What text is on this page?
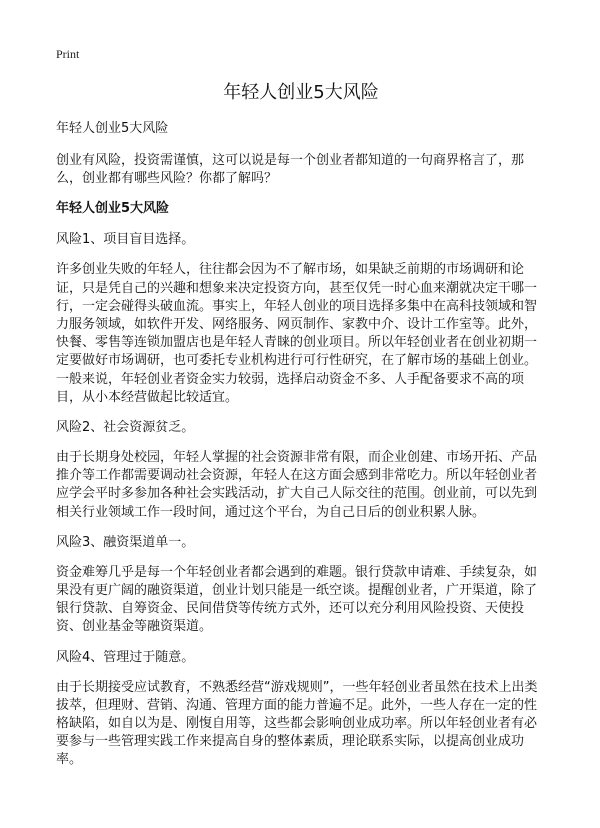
Print
年轻人创业5大风险
年轻人创业5大风险

创业有风险，投资需谨慎，这可以说是每一个创业者都知道的一句商界格言了，那么，创业都有哪些风险？你都了解吗？

年轻人创业5大风险
风险1、项目盲目选择。

许多创业失败的年轻人，往往都会因为不了解市场，如果缺乏前期的市场调研和论证，只是凭自己的兴趣和想象来决定投资方向，甚至仅凭一时心血来潮就决定干哪一行，一定会碰得头破血流。事实上，年轻人创业的项目选择多集中在高科技领域和智力服务领域，如软件开发、网络服务、网页制作、家教中介、设计工作室等。此外，快餐、零售等连锁加盟店也是年轻人青睐的创业项目。所以年轻创业者在创业初期一定要做好市场调研，也可委托专业机构进行可行性研究，在了解市场的基础上创业。一般来说，年轻创业者资金实力较弱，选择启动资金不多、人手配备要求不高的项目，从小本经营做起比较适宜。

风险2、社会资源贫乏。

由于长期身处校园，年轻人掌握的社会资源非常有限，而企业创建、市场开拓、产品推介等工作都需要调动社会资源，年轻人在这方面会感到非常吃力。所以年轻创业者应学会平时多参加各种社会实践活动，扩大自己人际交往的范围。创业前，可以先到相关行业领域工作一段时间，通过这个平台，为自己日后的创业积累人脉。

风险3、融资渠道单一。

资金难筹几乎是每一个年轻创业者都会遇到的难题。银行贷款申请难、手续复杂，如果没有更广阔的融资渠道，创业计划只能是一纸空谈。提醒创业者，广开渠道，除了银行贷款、自筹资金、民间借贷等传统方式外，还可以充分利用风险投资、天使投资、创业基金等融资渠道。

风险4、管理过于随意。

由于长期接受应试教育，不熟悉经营“游戏规则”，一些年轻创业者虽然在技术上出类拔萃，但理财、营销、沟通、管理方面的能力普遍不足。此外，一些人存在一定的性格缺陷，如自以为是、刚愎自用等，这些都会影响创业成功率。所以年轻创业者有必要参与一些管理实践工作来提高自身的整体素质，理论联系实际，以提高创业成功率。
